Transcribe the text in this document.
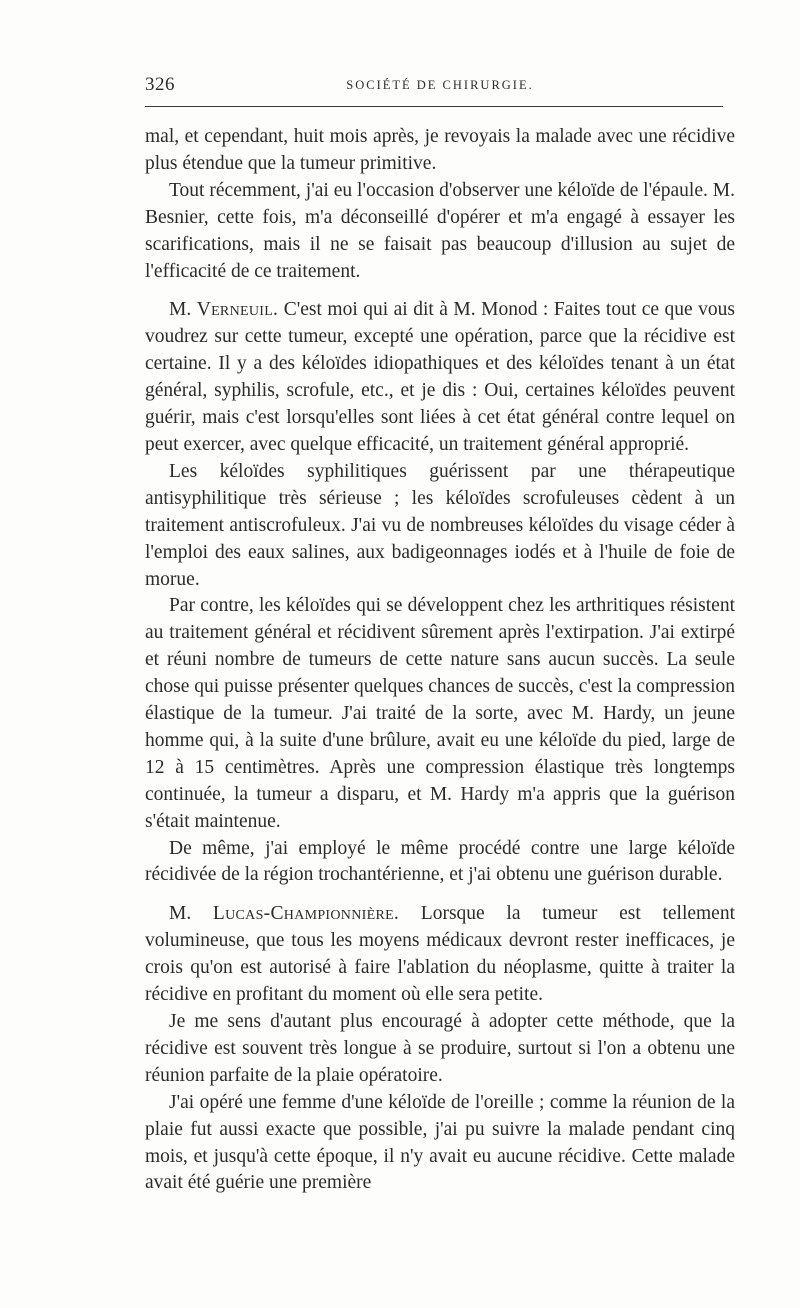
326	SOCIÉTÉ DE CHIRURGIE.

mal, et cependant, huit mois après, je revoyais la malade avec une récidive plus étendue que la tumeur primitive.

Tout récemment, j'ai eu l'occasion d'observer une kéloïde de l'épaule. M. Besnier, cette fois, m'a déconseillé d'opérer et m'a engagé à essayer les scarifications, mais il ne se faisait pas beaucoup d'illusion au sujet de l'efficacité de ce traitement.

M. Verneuil. C'est moi qui ai dit à M. Monod : Faites tout ce que vous voudrez sur cette tumeur, excepté une opération, parce que la récidive est certaine. Il y a des kéloïdes idiopathiques et des kéloïdes tenant à un état général, syphilis, scrofule, etc., et je dis : Oui, certaines kéloïdes peuvent guérir, mais c'est lorsqu'elles sont liées à cet état général contre lequel on peut exercer, avec quelque efficacité, un traitement général approprié.

Les kéloïdes syphilitiques guérissent par une thérapeutique antisyphilitique très sérieuse ; les kéloïdes scrofuleuses cèdent à un traitement antiscrofuleux. J'ai vu de nombreuses kéloïdes du visage céder à l'emploi des eaux salines, aux badigeonnages iodés et à l'huile de foie de morue.

Par contre, les kéloïdes qui se développent chez les arthritiques résistent au traitement général et récidivent sûrement après l'extirpation. J'ai extirpé et réuni nombre de tumeurs de cette nature sans aucun succès. La seule chose qui puisse présenter quelques chances de succès, c'est la compression élastique de la tumeur. J'ai traité de la sorte, avec M. Hardy, un jeune homme qui, à la suite d'une brûlure, avait eu une kéloïde du pied, large de 12 à 15 centimètres. Après une compression élastique très longtemps continuée, la tumeur a disparu, et M. Hardy m'a appris que la guérison s'était maintenue.

De même, j'ai employé le même procédé contre une large kéloïde récidivée de la région trochantérienne, et j'ai obtenu une guérison durable.

M. Lucas-Championnière. Lorsque la tumeur est tellement volumineuse, que tous les moyens médicaux devront rester inefficaces, je crois qu'on est autorisé à faire l'ablation du néoplasme, quitte à traiter la récidive en profitant du moment où elle sera petite.

Je me sens d'autant plus encouragé à adopter cette méthode, que la récidive est souvent très longue à se produire, surtout si l'on a obtenu une réunion parfaite de la plaie opératoire.

J'ai opéré une femme d'une kéloïde de l'oreille ; comme la réunion de la plaie fut aussi exacte que possible, j'ai pu suivre la malade pendant cinq mois, et jusqu'à cette époque, il n'y avait eu aucune récidive. Cette malade avait été guérie une première
